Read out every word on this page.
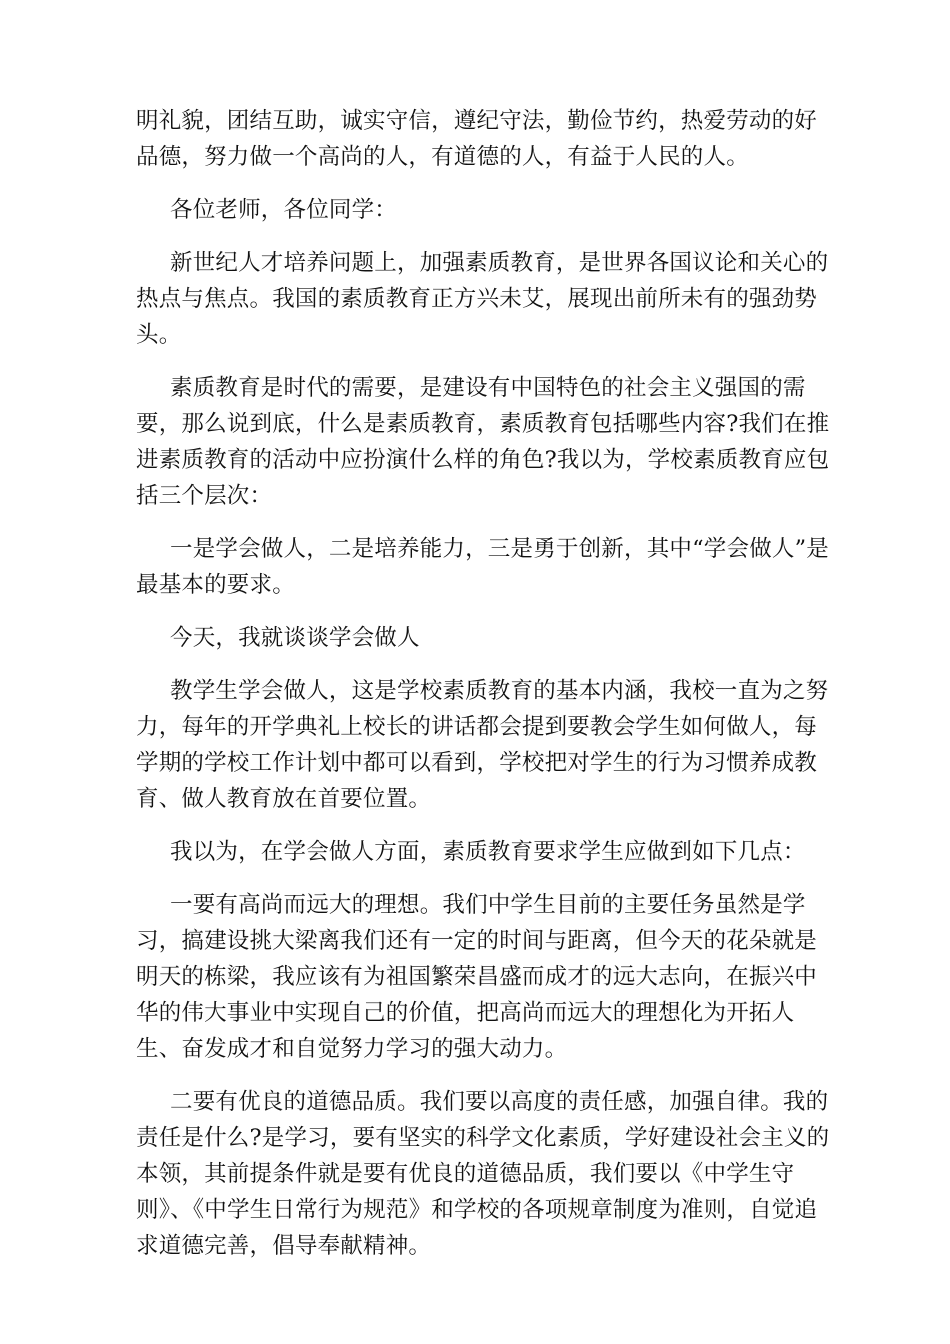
明礼貌，团结互助，诚实守信，遵纪守法，勤俭节约，热爱劳动的好品德，努力做一个高尚的人，有道德的人，有益于人民的人。

各位老师，各位同学：

新世纪人才培养问题上，加强素质教育，是世界各国议论和关心的热点与焦点。我国的素质教育正方兴未艾，展现出前所未有的强劲势头。

素质教育是时代的需要，是建设有中国特色的社会主义强国的需要，那么说到底，什么是素质教育，素质教育包括哪些内容?我们在推进素质教育的活动中应扮演什么样的角色?我以为，学校素质教育应包括三个层次：

一是学会做人，二是培养能力，三是勇于创新，其中“学会做人”是最基本的要求。

今天，我就谈谈学会做人

教学生学会做人，这是学校素质教育的基本内涵，我校一直为之努力，每年的开学典礼上校长的讲话都会提到要教会学生如何做人，每学期的学校工作计划中都可以看到，学校把对学生的行为习惯养成教育、做人教育放在首要位置。

我以为，在学会做人方面，素质教育要求学生应做到如下几点：

一要有高尚而远大的理想。我们中学生目前的主要任务虽然是学习，搞建设挑大梁离我们还有一定的时间与距离，但今天的花朵就是明天的栋梁，我应该有为祖国繁荣昌盛而成才的远大志向，在振兴中华的伟大事业中实现自己的价值，把高尚而远大的理想化为开拓人生、奋发成才和自觉努力学习的强大动力。

二要有优良的道德品质。我们要以高度的责任感，加强自律。我的责任是什么?是学习，要有坚实的科学文化素质，学好建设社会主义的本领，其前提条件就是要有优良的道德品质，我们要以《中学生守则》、《中学生日常行为规范》和学校的各项规章制度为准则，自觉追求道德完善，倡导奉献精神。
